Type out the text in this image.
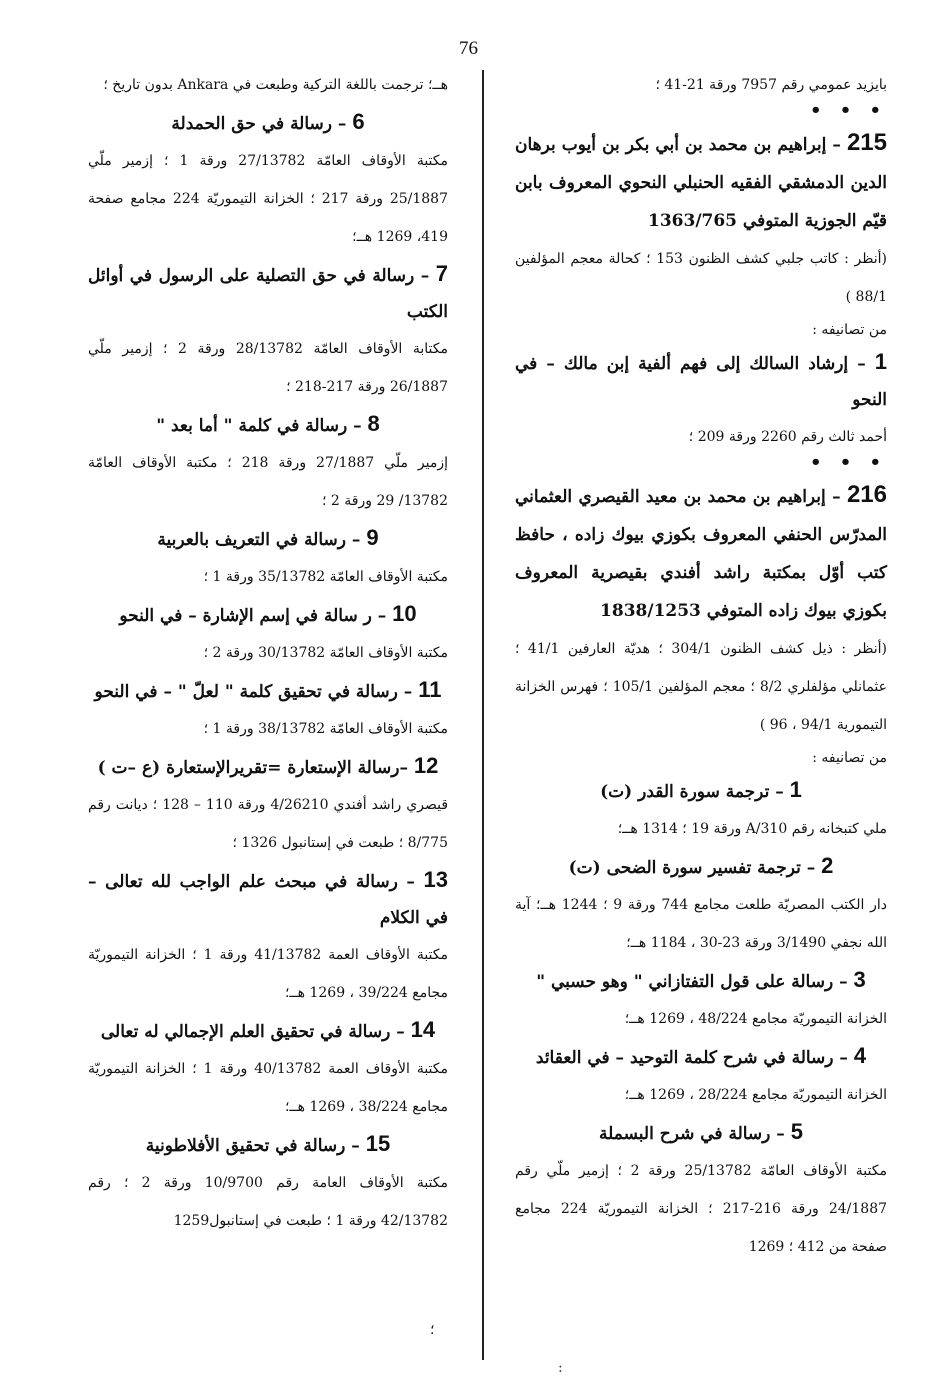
76

بايزيد عمومي رقم 7957 ورقة 21-41 ؛

• • •

215 – إبراهيم بن محمد بن أبي بكر بن أيوب برهان الدين الدمشقي الفقيه الحنبلي النحوي المعروف بابن قيّم الجوزية المتوفي 1363/765

(أنظر : كاتب جلبي كشف الظنون 153 ؛ كحالة معجم المؤلفين 88/1 )

من تصانيفه :

1 – إرشاد السالك إلى فهم ألفية إبن مالك – في النحو

أحمد ثالث رقم 2260 ورقة 209 ؛

• • •

216 – إبراهيم بن محمد بن معيد القيصري العثماني المدرّس الحنفي المعروف بكوزي بيوك زاده ، حافظ كتب أوّل بمكتبة راشد أفندي بقيصرية المعروف بكوزي بيوك زاده المتوفي 1838/1253

(أنظر : ذيل كشف الظنون 304/1 ؛ هديّة العارفين 41/1 ؛ عثمانلي مؤلفلري 8/2 ؛ معجم المؤلفين 105/1 ؛ فهرس الخزانة التيمورية 94/1 ، 96 )

من تصانيفه :

1 – ترجمة سورة القدر (ت)

ملي كتبخانه رقم 310/A ورقة 19 ؛ 1314 هــ؛

2 – ترجمة تفسير سورة الضحى (ت)

دار الكتب المصريّة طلعت مجامع 744 ورقة 9 ؛ 1244 هــ؛ آية الله نجفي 3/1490 ورقة 23-30 ، 1184 هــ؛

3 – رسالة على قول التفتازاني " وهو حسبي "

الخزانة التيموريّة مجامع 48/224 ، 1269 هــ؛

4 – رسالة في شرح كلمة التوحيد – في العقائد

الخزانة التيموريّة مجامع 28/224 ، 1269 هــ؛

5 – رسالة في شرح البسملة

مكتبة الأوقاف العامّة 25/13782 ورقة 2 ؛ إزمير ملّي رقم 24/1887 ورقة 216-217 ؛ الخزانة التيموريّة 224 مجامع صفحة من 412 ؛ 1269

هــ؛ ترجمت باللغة التركية وطبعت في Ankara بدون تاريخ ؛

6 – رسالة في حق الحمدلة

مكتبة الأوقاف العامّة 27/13782 ورقة 1 ؛ إزمير ملّي 25/1887 ورقة 217 ؛ الخزانة التيموريّة 224 مجامع صفحة 419، 1269 هــ؛

7 – رسالة في حق التصلية على الرسول في أوائل الكتب

مكتابة الأوقاف العامّة 28/13782 ورقة 2 ؛ إزمير ملّي 26/1887 ورقة 217-218 ؛

8 – رسالة في كلمة " أما بعد "

إزمير ملّي 27/1887 ورقة 218 ؛ مكتبة الأوقاف العامّة 13782/ 29 ورقة 2 ؛

9 – رسالة في التعريف بالعربية

مكتبة الأوقاف العامّة 35/13782 ورقة 1 ؛

10 – ر سالة في إسم الإشارة – في النحو

مكتبة الأوقاف العامّة 30/13782 ورقة 2 ؛

11 – رسالة في تحقيق كلمة " لعلّ " – في النحو

مكتبة الأوقاف العامّة 38/13782 ورقة 1 ؛

12 –رسالة الإستعارة =تقريرالإستعارة (ع –ت )

قيصري راشد أفندي 4/26210 ورقة 110 – 128 ؛ ديانت رقم 8/775 ؛ طبعت في إستانبول 1326 ؛

13 – رسالة في مبحث علم الواجب لله تعالى – في الكلام

مكتبة الأوقاف العمة 41/13782 ورقة 1 ؛ الخزانة التيموريّة مجامع 39/224 ، 1269 هــ؛

14 – رسالة في تحقيق العلم الإجمالي له تعالى

مكتبة الأوقاف العمة 40/13782 ورقة 1 ؛ الخزانة التيموريّة مجامع 38/224 ، 1269 هــ؛

15 – رسالة في تحقيق الأفلاطونية

مكتبة الأوقاف العامة رقم 10/9700 ورقة 2 ؛ رقم 42/13782 ورقة 1 ؛ طبعت في إستانبول1259

؛
:
